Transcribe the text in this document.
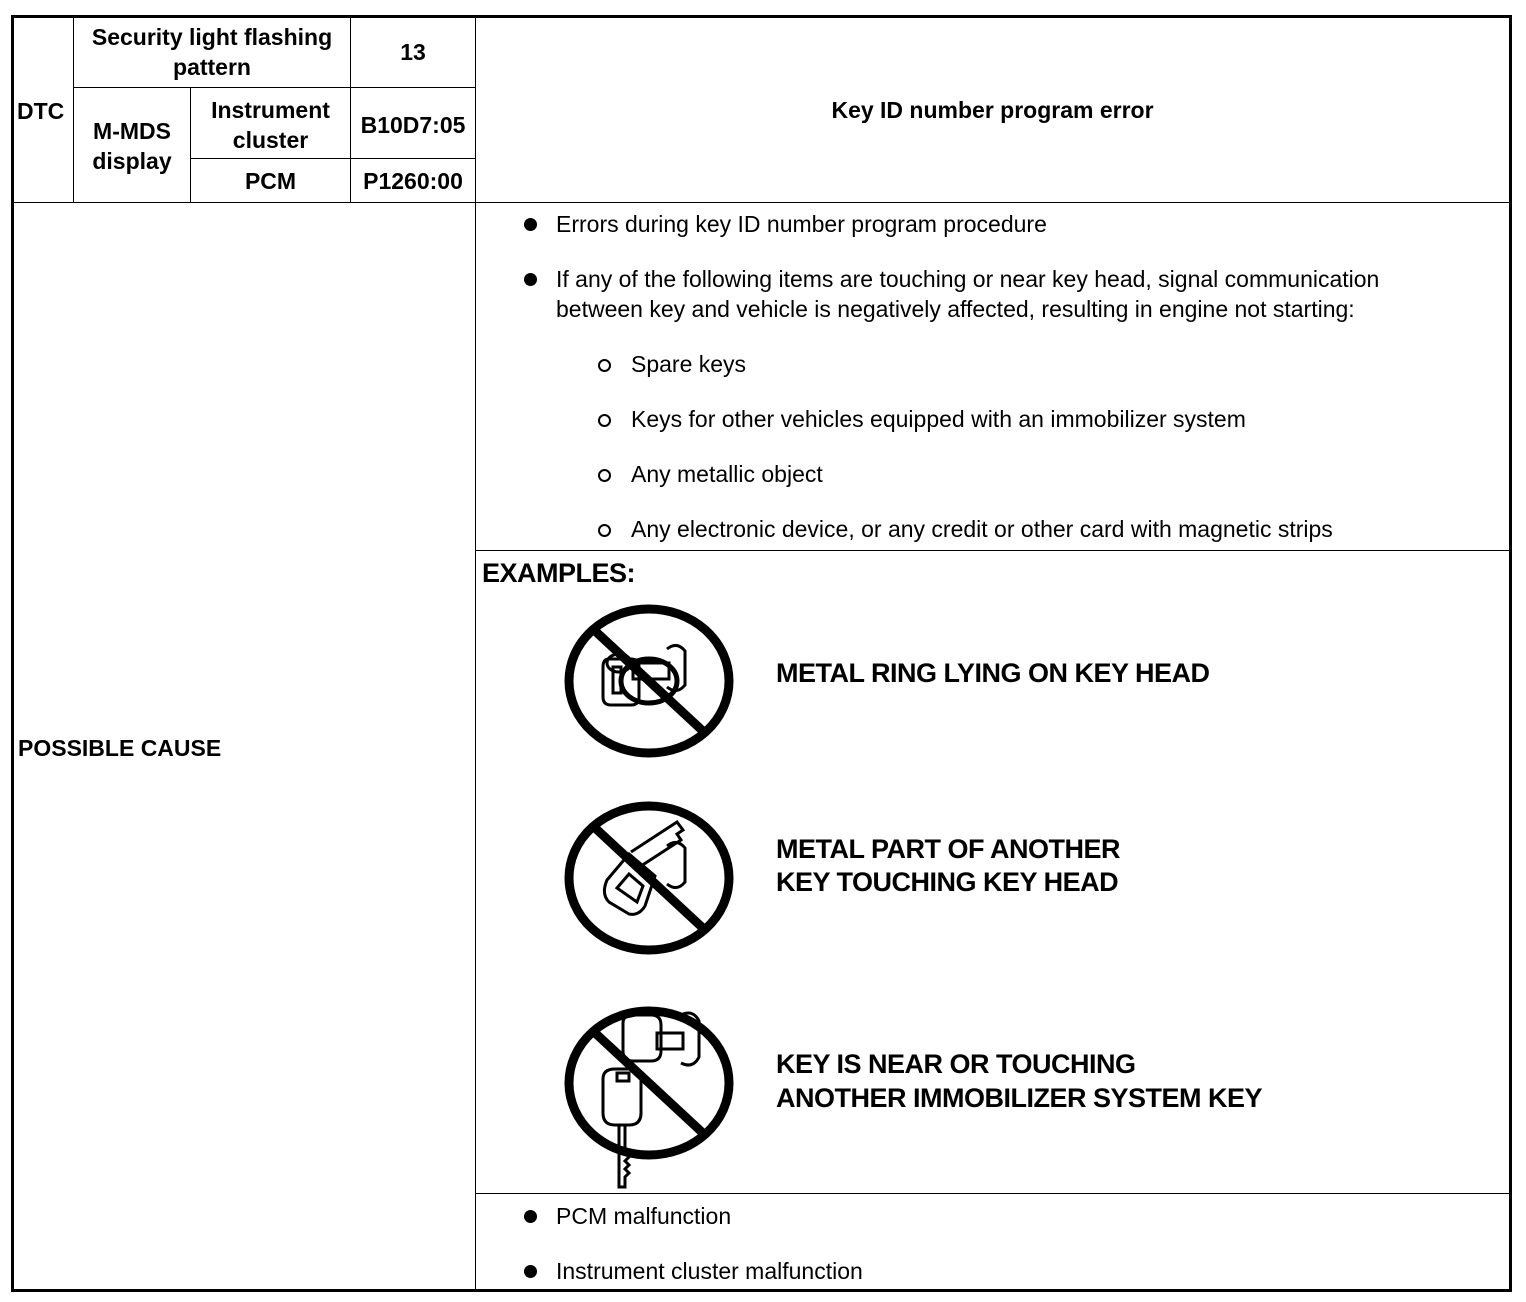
DTC
Security light flashing
pattern
13
M-MDS
display
Instrument
cluster
B10D7:05
PCM	P1260:00
Key ID number program error
POSSIBLE CAUSE
Errors during key ID number program procedure
If any of the following items are touching or near key head, signal communication
between key and vehicle is negatively affected, resulting in engine not starting:
Spare keys
Keys for other vehicles equipped with an immobilizer system
Any metallic object
Any electronic device, or any credit or other card with magnetic strips
EXAMPLES:
METAL RING LYING ON KEY HEAD
METAL PART OF ANOTHER
KEY TOUCHING KEY HEAD
KEY IS NEAR OR TOUCHING
ANOTHER IMMOBILIZER SYSTEM KEY
PCM malfunction
Instrument cluster malfunction
